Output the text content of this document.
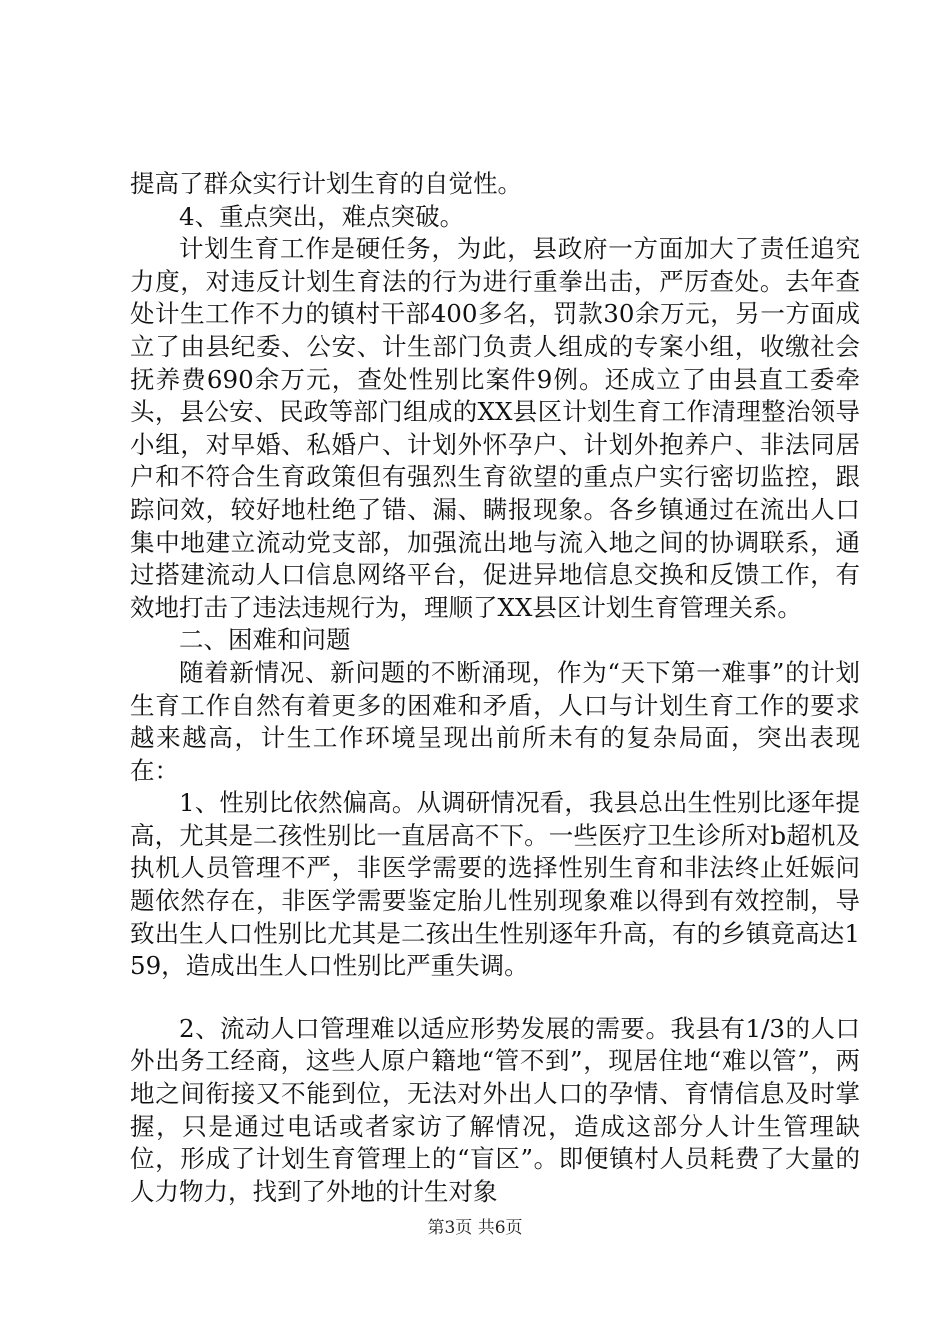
提高了群众实行计划生育的自觉性。

4、重点突出，难点突破。

计划生育工作是硬任务，为此，县政府一方面加大了责任追究力度，对违反计划生育法的行为进行重拳出击，严厉查处。去年查处计生工作不力的镇村干部400多名，罚款30余万元，另一方面成立了由县纪委、公安、计生部门负责人组成的专案小组，收缴社会抚养费690余万元，查处性别比案件9例。还成立了由县直工委牵头，县公安、民政等部门组成的XX县区计划生育工作清理整治领导小组，对早婚、私婚户、计划外怀孕户、计划外抱养户、非法同居户和不符合生育政策但有强烈生育欲望的重点户实行密切监控，跟踪问效，较好地杜绝了错、漏、瞒报现象。各乡镇通过在流出人口集中地建立流动党支部，加强流出地与流入地之间的协调联系，通过搭建流动人口信息网络平台，促进异地信息交换和反馈工作，有效地打击了违法违规行为，理顺了XX县区计划生育管理关系。

二、困难和问题

随着新情况、新问题的不断涌现，作为“天下第一难事”的计划生育工作自然有着更多的困难和矛盾，人口与计划生育工作的要求越来越高，计生工作环境呈现出前所未有的复杂局面，突出表现在：

1、性别比依然偏高。从调研情况看，我县总出生性别比逐年提高，尤其是二孩性别比一直居高不下。一些医疗卫生诊所对b超机及执机人员管理不严，非医学需要的选择性别生育和非法终止妊娠问题依然存在，非医学需要鉴定胎儿性别现象难以得到有效控制，导致出生人口性别比尤其是二孩出生性别逐年升高，有的乡镇竟高达159，造成出生人口性别比严重失调。

2、流动人口管理难以适应形势发展的需要。我县有1/3的人口外出务工经商，这些人原户籍地“管不到”，现居住地“难以管”，两地之间衔接又不能到位，无法对外出人口的孕情、育情信息及时掌握，只是通过电话或者家访了解情况，造成这部分人计生管理缺位，形成了计划生育管理上的“盲区”。即便镇村人员耗费了大量的人力物力，找到了外地的计生对象

第3页 共6页
